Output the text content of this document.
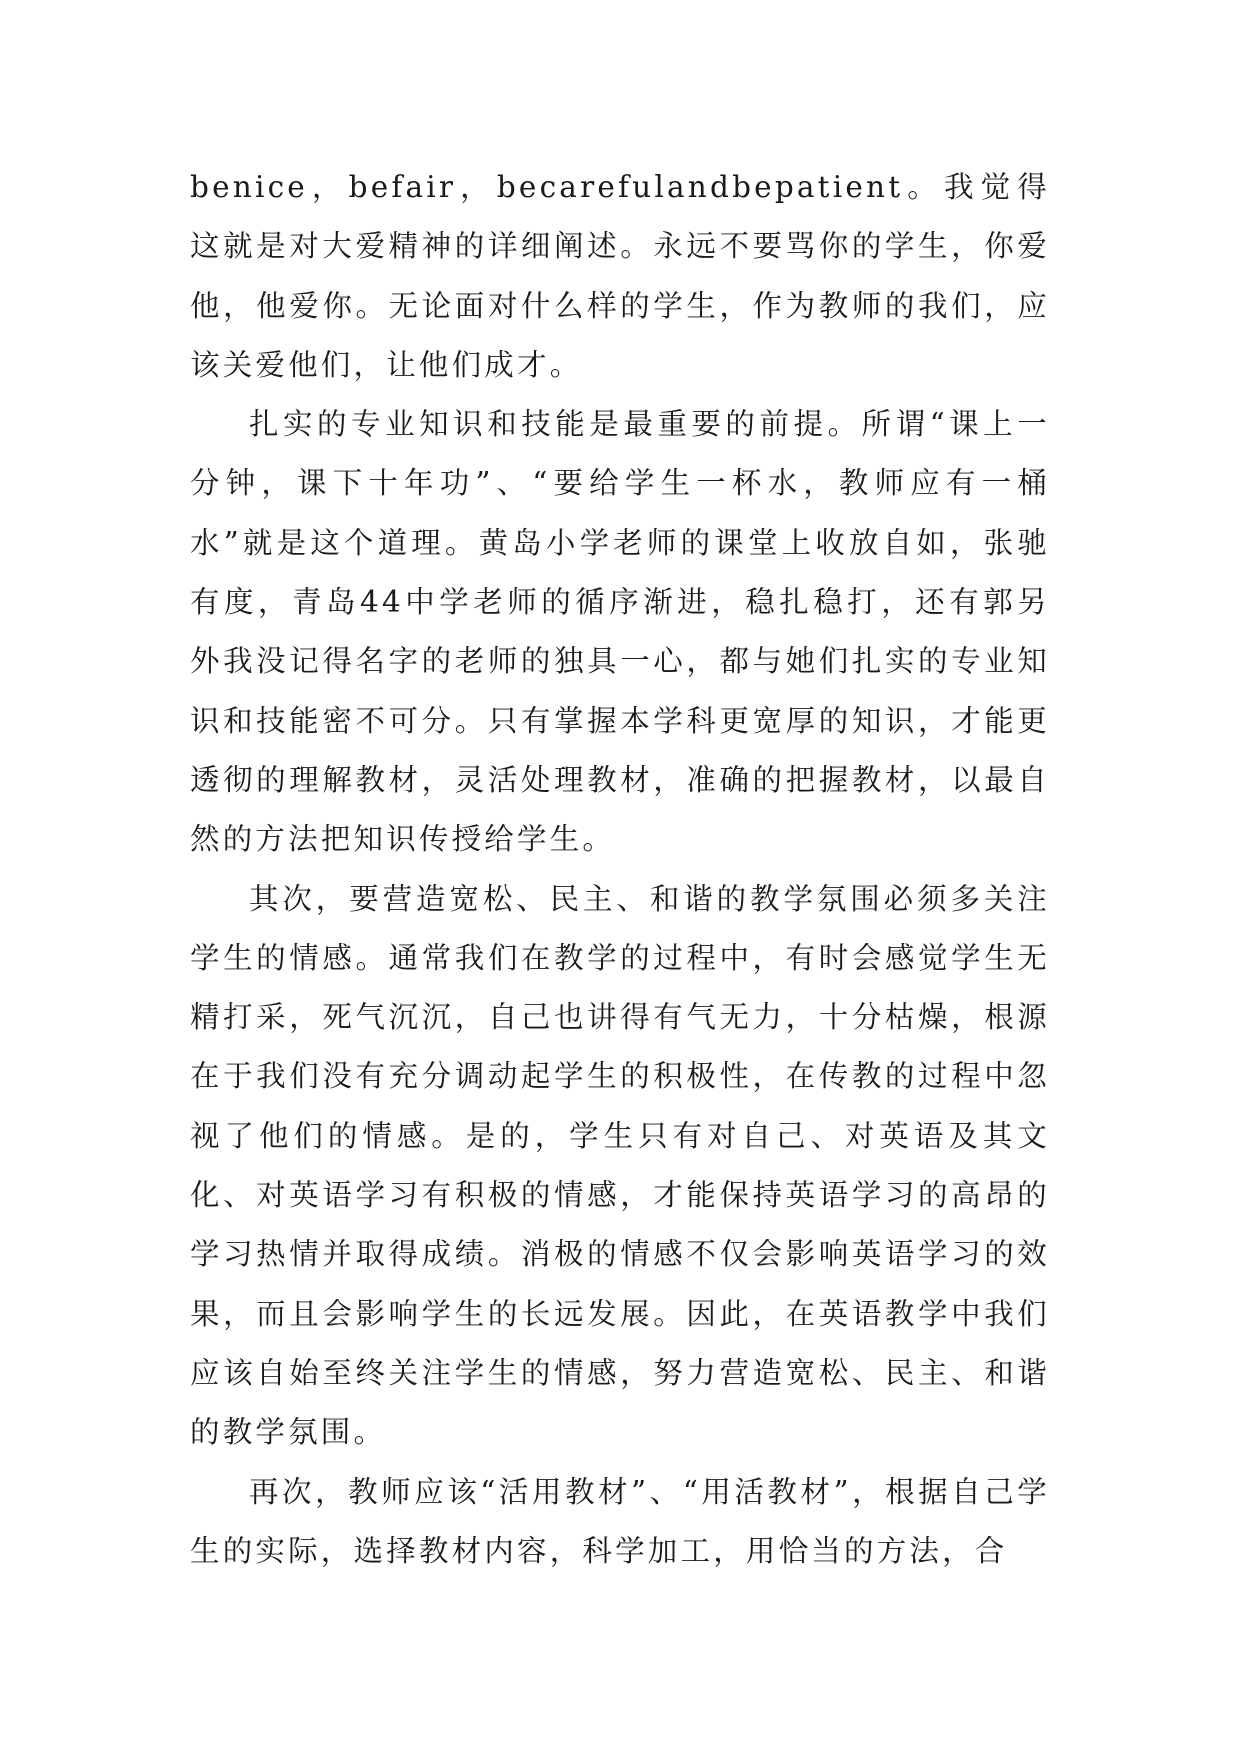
benice，befair，becarefulandbepatient。我觉得这就是对大爱精神的详细阐述。永远不要骂你的学生，你爱他，他爱你。无论面对什么样的学生，作为教师的我们，应该关爱他们，让他们成才。

扎实的专业知识和技能是最重要的前提。所谓“课上一分钟，课下十年功”、“要给学生一杯水，教师应有一桶水”就是这个道理。黄岛小学老师的课堂上收放自如，张驰有度，青岛44中学老师的循序渐进，稳扎稳打，还有郭另外我没记得名字的老师的独具一心，都与她们扎实的专业知识和技能密不可分。只有掌握本学科更宽厚的知识，才能更透彻的理解教材，灵活处理教材，准确的把握教材，以最自然的方法把知识传授给学生。

其次，要营造宽松、民主、和谐的教学氛围必须多关注学生的情感。通常我们在教学的过程中，有时会感觉学生无精打采，死气沉沉，自己也讲得有气无力，十分枯燥，根源在于我们没有充分调动起学生的积极性，在传教的过程中忽视了他们的情感。是的，学生只有对自己、对英语及其文化、对英语学习有积极的情感，才能保持英语学习的高昂的学习热情并取得成绩。消极的情感不仅会影响英语学习的效果，而且会影响学生的长远发展。因此，在英语教学中我们应该自始至终关注学生的情感，努力营造宽松、民主、和谐的教学氛围。

再次，教师应该“活用教材”、“用活教材”，根据自己学生的实际，选择教材内容，科学加工，用恰当的方法，合
